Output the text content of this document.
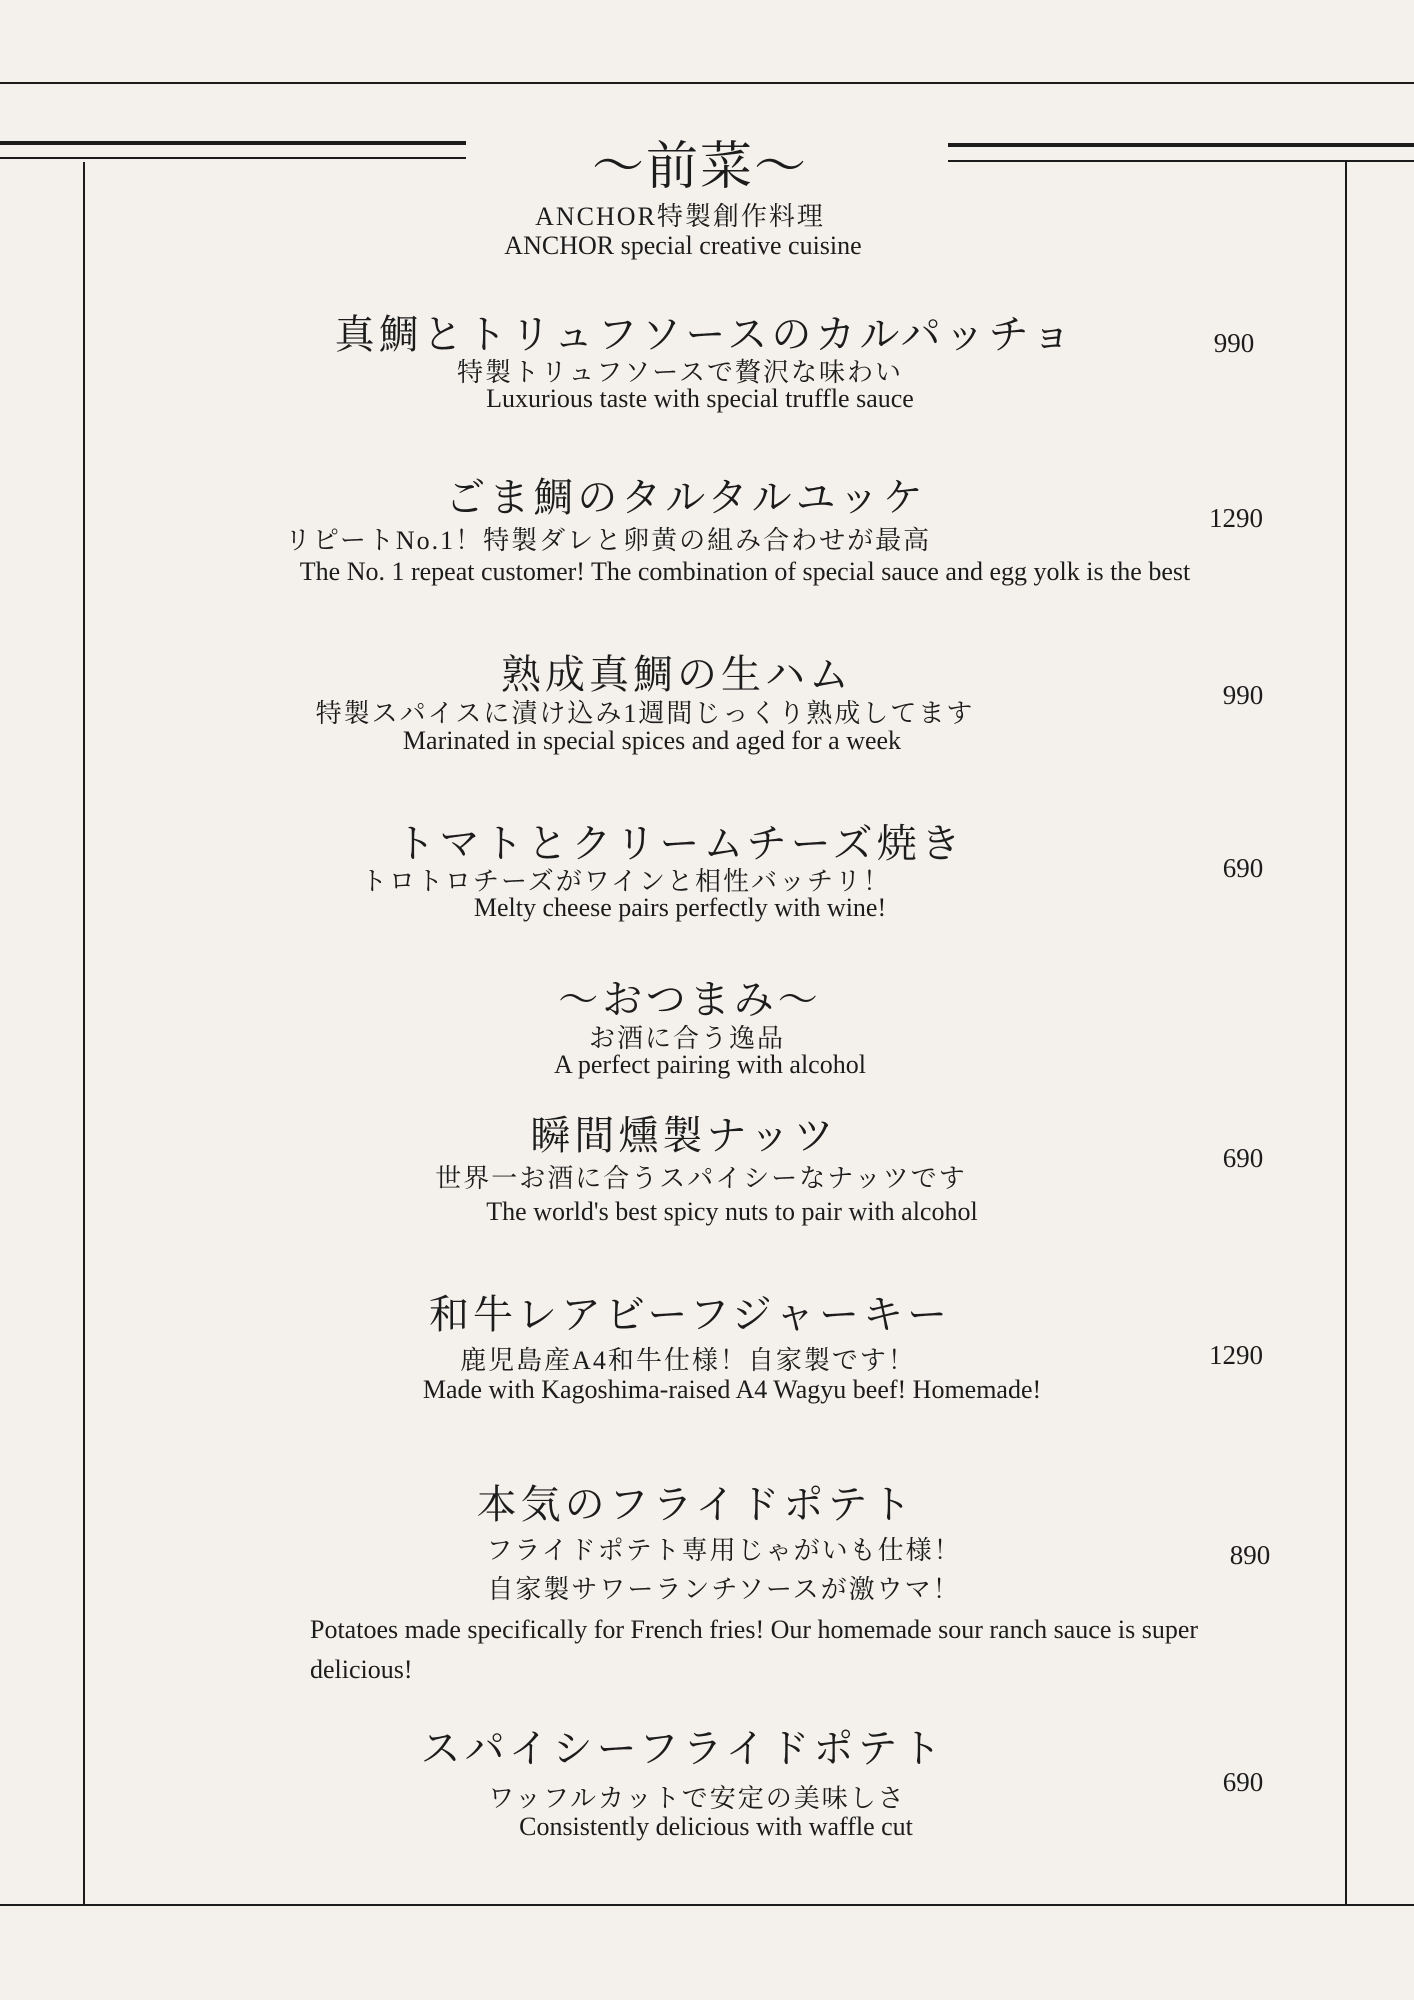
～前菜～
ANCHOR特製創作料理
ANCHOR special creative cuisine
真鯛とトリュフソースのカルパッチョ
特製トリュフソースで贅沢な味わい
Luxurious taste with special truffle sauce
990
ごま鯛のタルタルユッケ
リピートNo.1！特製ダレと卵黄の組み合わせが最高
The No. 1 repeat customer! The combination of special sauce and egg yolk is the best
1290
熟成真鯛の生ハム
特製スパイスに漬け込み1週間じっくり熟成してます
Marinated in special spices and aged for a week
990
トマトとクリームチーズ焼き
トロトロチーズがワインと相性バッチリ！
Melty cheese pairs perfectly with wine!
690
～おつまみ～
お酒に合う逸品
A perfect pairing with alcohol
瞬間燻製ナッツ
世界一お酒に合うスパイシーなナッツです
The world's best spicy nuts to pair with alcohol
690
和牛レアビーフジャーキー
鹿児島産A4和牛仕様！自家製です！
Made with Kagoshima-raised A4 Wagyu beef! Homemade!
1290
本気のフライドポテト
フライドポテト専用じゃがいも仕様！
自家製サワーランチソースが激ウマ！
Potatoes made specifically for French fries! Our homemade sour ranch sauce is super delicious!
890
スパイシーフライドポテト
ワッフルカットで安定の美味しさ
Consistently delicious with waffle cut
690
